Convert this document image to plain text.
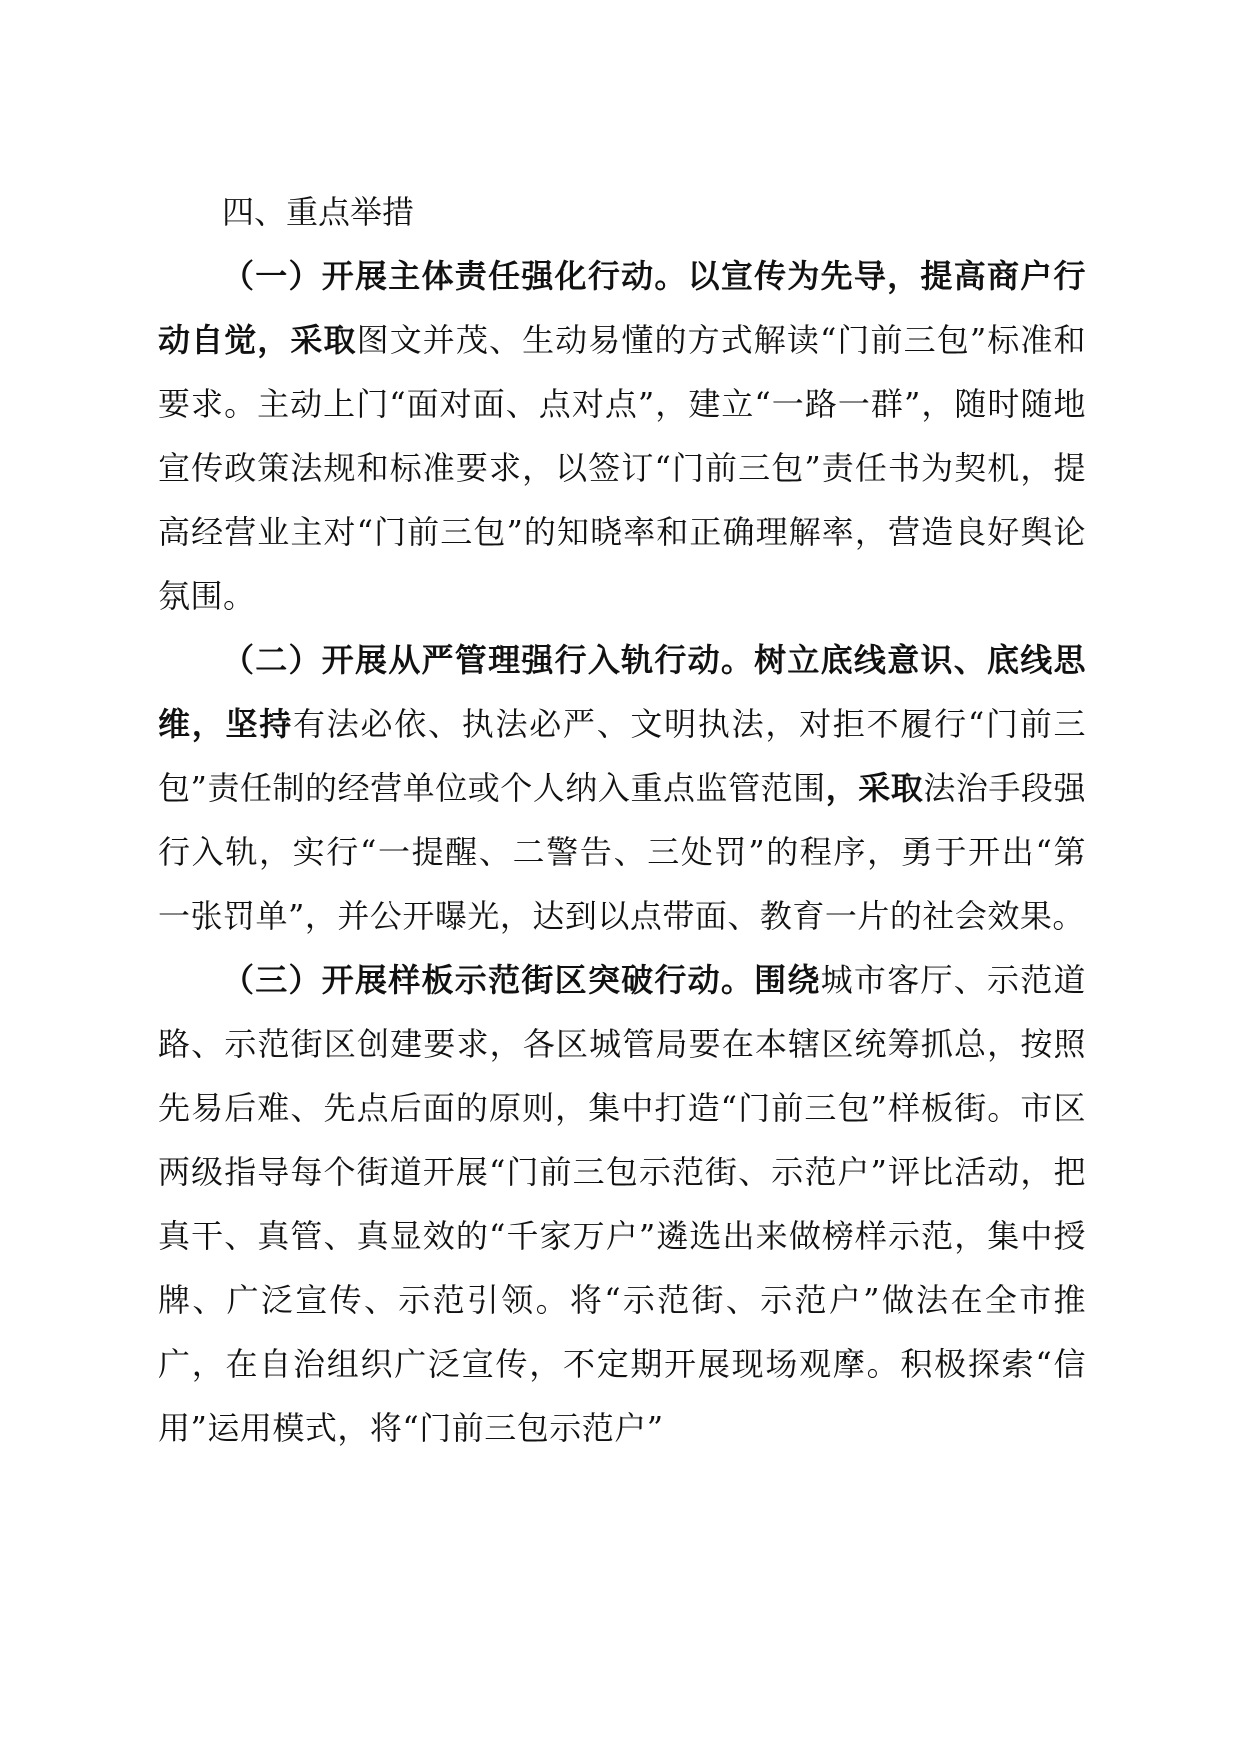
四、重点举措

（一）开展主体责任强化行动。以宣传为先导，提高商户行动自觉，采取图文并茂、生动易懂的方式解读“门前三包”标准和要求。主动上门“面对面、点对点”，建立“一路一群”，随时随地宣传政策法规和标准要求，以签订“门前三包”责任书为契机，提高经营业主对“门前三包”的知晓率和正确理解率，营造良好舆论氛围。

（二）开展从严管理强行入轨行动。树立底线意识、底线思维，坚持有法必依、执法必严、文明执法，对拒不履行“门前三包”责任制的经营单位或个人纳入重点监管范围，采取法治手段强行入轨，实行“一提醒、二警告、三处罚”的程序，勇于开出“第一张罚单”，并公开曝光，达到以点带面、教育一片的社会效果。

（三）开展样板示范街区突破行动。围绕城市客厅、示范道路、示范街区创建要求，各区城管局要在本辖区统筹抓总，按照先易后难、先点后面的原则，集中打造“门前三包”样板街。市区两级指导每个街道开展“门前三包示范街、示范户”评比活动，把真干、真管、真显效的“千家万户”遴选出来做榜样示范，集中授牌、广泛宣传、示范引领。将“示范街、示范户”做法在全市推广，在自治组织广泛宣传，不定期开展现场观摩。积极探索“信用”运用模式，将“门前三包示范户”
